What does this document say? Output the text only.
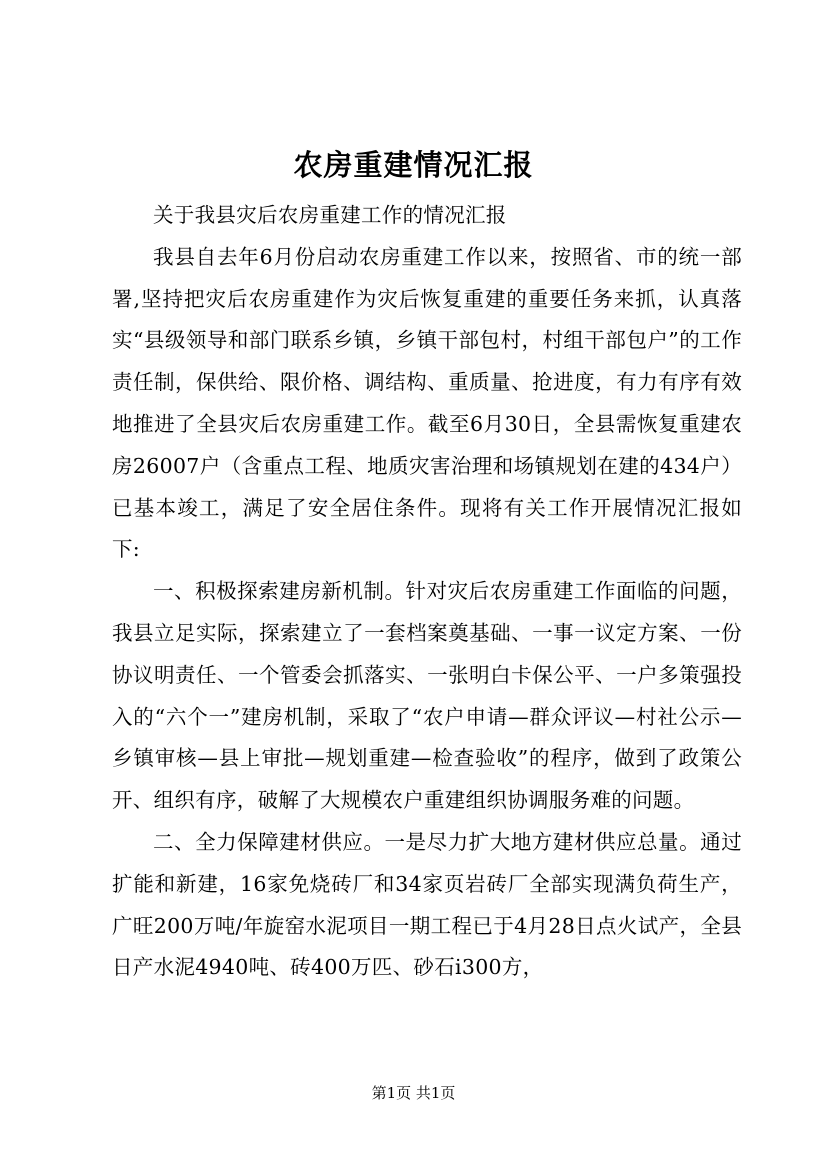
农房重建情况汇报

关于我县灾后农房重建工作的情况汇报

我县自去年6月份启动农房重建工作以来，按照省、市的统一部署,坚持把灾后农房重建作为灾后恢复重建的重要任务来抓，认真落实“县级领导和部门联系乡镇，乡镇干部包村，村组干部包户”的工作责任制，保供给、限价格、调结构、重质量、抢进度，有力有序有效地推进了全县灾后农房重建工作。截至6月30日，全县需恢复重建农房26007户（含重点工程、地质灾害治理和场镇规划在建的434户）已基本竣工，满足了安全居住条件。现将有关工作开展情况汇报如下:

一、积极探索建房新机制。针对灾后农房重建工作面临的问题，我县立足实际，探索建立了一套档案奠基础、一事一议定方案、一份协议明责任、一个管委会抓落实、一张明白卡保公平、一户多策强投入的“六个一”建房机制，采取了“农户申请—群众评议—村社公示—乡镇审核—县上审批—规划重建—检查验收”的程序，做到了政策公开、组织有序，破解了大规模农户重建组织协调服务难的问题。

二、全力保障建材供应。一是尽力扩大地方建材供应总量。通过扩能和新建，16家免烧砖厂和34家页岩砖厂全部实现满负荷生产，广旺200万吨/年旋窑水泥项目一期工程已于4月28日点火试产，全县日产水泥4940吨、砖400万匹、砂石i300方，

第1页 共1页
